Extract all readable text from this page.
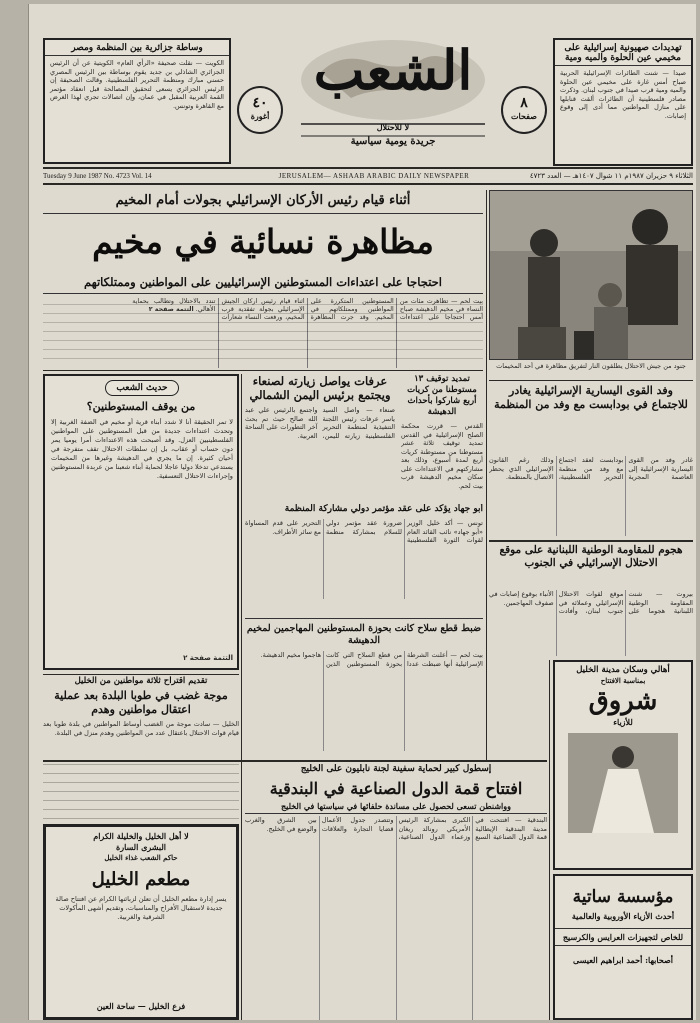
وساطة جزائرية بين المنظمة ومصر
الكويت — نقلت صحيفة «الرأي العام» الكويتية عن أن الرئيس الجزائري الشاذلي بن جديد يقوم بوساطة بين الرئيس المصري حسني مبارك ومنظمة التحرير الفلسطينية. وقالت الصحيفة إن الرئيس الجزائري يسعى لتحقيق المصالحة قبل انعقاد مؤتمر القمة العربية المقبل في عمان، وإن اتصالات تجري لهذا الغرض مع القاهرة وتونس.	٤٠
أغورة
الشعب
لا للاحتلال
جريدة يومية سياسية
٨
صفحات
تهديدات صهيونية إسرائيلية على مخيمي عين الحلوة والميه ومية
صيدا — شنت الطائرات الإسرائيلية الحربية صباح أمس غارة على مخيمي عين الحلوة والميه ومية قرب صيدا في جنوب لبنان. وذكرت مصادر فلسطينية أن الطائرات ألقت قنابلها على منازل المواطنين مما أدى إلى وقوع إصابات.
Tuesday 9 June 1987 No. 4723 Vol. 14	JERUSALEM— ASHAAB ARABIC DAILY NEWSPAPER	الثلاثاء ٩ حزيران ١٩٨٧م ١١ شوال ١٤٠٧هـ — العدد ٤٧٢٣
أثناء قيام رئيس الأركان الإسرائيلي بجولات أمام المخيم
مظاهرة نسائية في مخيم
احتجاجا على اعتداءات المستوطنين الإسرائيليين على المواطنين وممتلكاتهم
بيت لحم — تظاهرت مئات من النساء في مخيم الدهيشة صباح أمس احتجاجا على اعتداءات المستوطنين المتكررة على المواطنين وممتلكاتهم في المخيم. وقد جرت المظاهرة أثناء قيام رئيس أركان الجيش الإسرائيلي بجولة تفقدية قرب المخيم، ورفعت النساء شعارات تندد بالاحتلال وتطالب بحماية الأهالي. التتمة صفحة ٢
جنود من جيش الاحتلال يطلقون النار لتفريق مظاهرة في أحد المخيمات
حديث الشعب
من يوقف المستوطنين؟
لا تمر الحقيقة أنا لا شدد أبناء قرية أو مخيم في الضفة الغربية إلا وتحدث اعتداءات جديدة من قبل المستوطنين على المواطنين الفلسطينيين العزل. وقد أصبحت هذه الاعتداءات أمرا يوميا يمر دون حساب أو عقاب، بل إن سلطات الاحتلال تقف متفرجة في أحيان كثيرة. إن ما يجري في الدهيشة وغيرها من المخيمات يستدعي تدخلا دوليا عاجلا لحماية أبناء شعبنا من عربدة المستوطنين وإجراءات الاحتلال التعسفية.
التتمة صفحة ٢
عرفات يواصل زيارته لصنعاء ويجتمع برئيس اليمن الشمالي
صنعاء — واصل السيد ياسر عرفات رئيس اللجنة التنفيذية لمنظمة التحرير الفلسطينية زيارته لليمن، واجتمع بالرئيس علي عبد الله صالح حيث تم بحث آخر التطورات على الساحة العربية.
تمديد توقيف ١٣ مستوطنا من كريات أربع شاركوا بأحداث الدهيشة
القدس — قررت محكمة الصلح الإسرائيلية في القدس تمديد توقيف ثلاثة عشر مستوطنا من مستوطنة كريات أربع لمدة أسبوع، وذلك بعد مشاركتهم في الاعتداءات على سكان مخيم الدهيشة قرب بيت لحم.
أبو جهاد يؤكد على عقد مؤتمر دولي مشاركة المنظمة
تونس — أكد خليل الوزير «أبو جهاد» نائب القائد العام لقوات الثورة الفلسطينية ضرورة عقد مؤتمر دولي للسلام بمشاركة منظمة التحرير على قدم المساواة مع سائر الأطراف.
وفد القوى اليسارية الإسرائيلية يغادر للاجتماع في بودابست مع وفد من المنظمة
غادر وفد من القوى اليسارية الإسرائيلية إلى العاصمة المجرية بودابست لعقد اجتماع مع وفد من منظمة التحرير الفلسطينية، وذلك رغم القانون الإسرائيلي الذي يحظر الاتصال بالمنظمة.
هجوم للمقاومة الوطنية اللبنانية على موقع الاحتلال الإسرائيلي في الجنوب
بيروت — شنت المقاومة الوطنية اللبنانية هجوما على موقع لقوات الاحتلال الإسرائيلي وعملائه في جنوب لبنان، وأفادت الأنباء بوقوع إصابات في صفوف المهاجمين.
تقديم اقتراح ثلاثة مواطنين من الخليل
موجة غضب في طوبا البلدة بعد عملية اعتقال مواطنين وهدم
الخليل — سادت موجة من الغضب أوساط المواطنين في بلدة طوبا بعد قيام قوات الاحتلال باعتقال عدد من المواطنين وهدم منزل في البلدة.
ضبط قطع سلاح كانت بحوزة المستوطنين المهاجمين لمخيم الدهيشة
بيت لحم — أعلنت الشرطة الإسرائيلية أنها ضبطت عددا من قطع السلاح التي كانت بحوزة المستوطنين الذين هاجموا مخيم الدهيشة.
أهالي وسكان مدينة الخليل
بمناسبة الافتتاح
شروق
للأزياء
إسطول كبير لحماية سفينة لجنة نابليون على الخليج
افتتاح قمة الدول الصناعية في البندقية
وواشنطن تسعى لحصول على مساندة حلفائها في سياستها في الخليج
البندقية — افتتحت في مدينة البندقية الإيطالية قمة الدول الصناعية السبع الكبرى بمشاركة الرئيس الأمريكي رونالد ريغان وزعماء الدول الصناعية، وتتصدر جدول الأعمال قضايا التجارة والعلاقات بين الشرق والغرب والوضع في الخليج.
لا أهل الخليل والخليلة الكرام
البشرى السارة
حاكم الشعب غذاء الخليل
مطعم الخليل
يسر إدارة مطعم الخليل أن تعلن لزبائنها الكرام عن افتتاح صالة جديدة لاستقبال الأفراح والمناسبات، وتقديم أشهى المأكولات الشرقية والغربية.
فرع الخليل — ساحة العين
مؤسسة ساتية
أحدث الأزياء الأوروبية والعالمية
للخاص لتجهيزات العرايس والكرسيج
أصحابها: أحمد ابراهيم العيسى
